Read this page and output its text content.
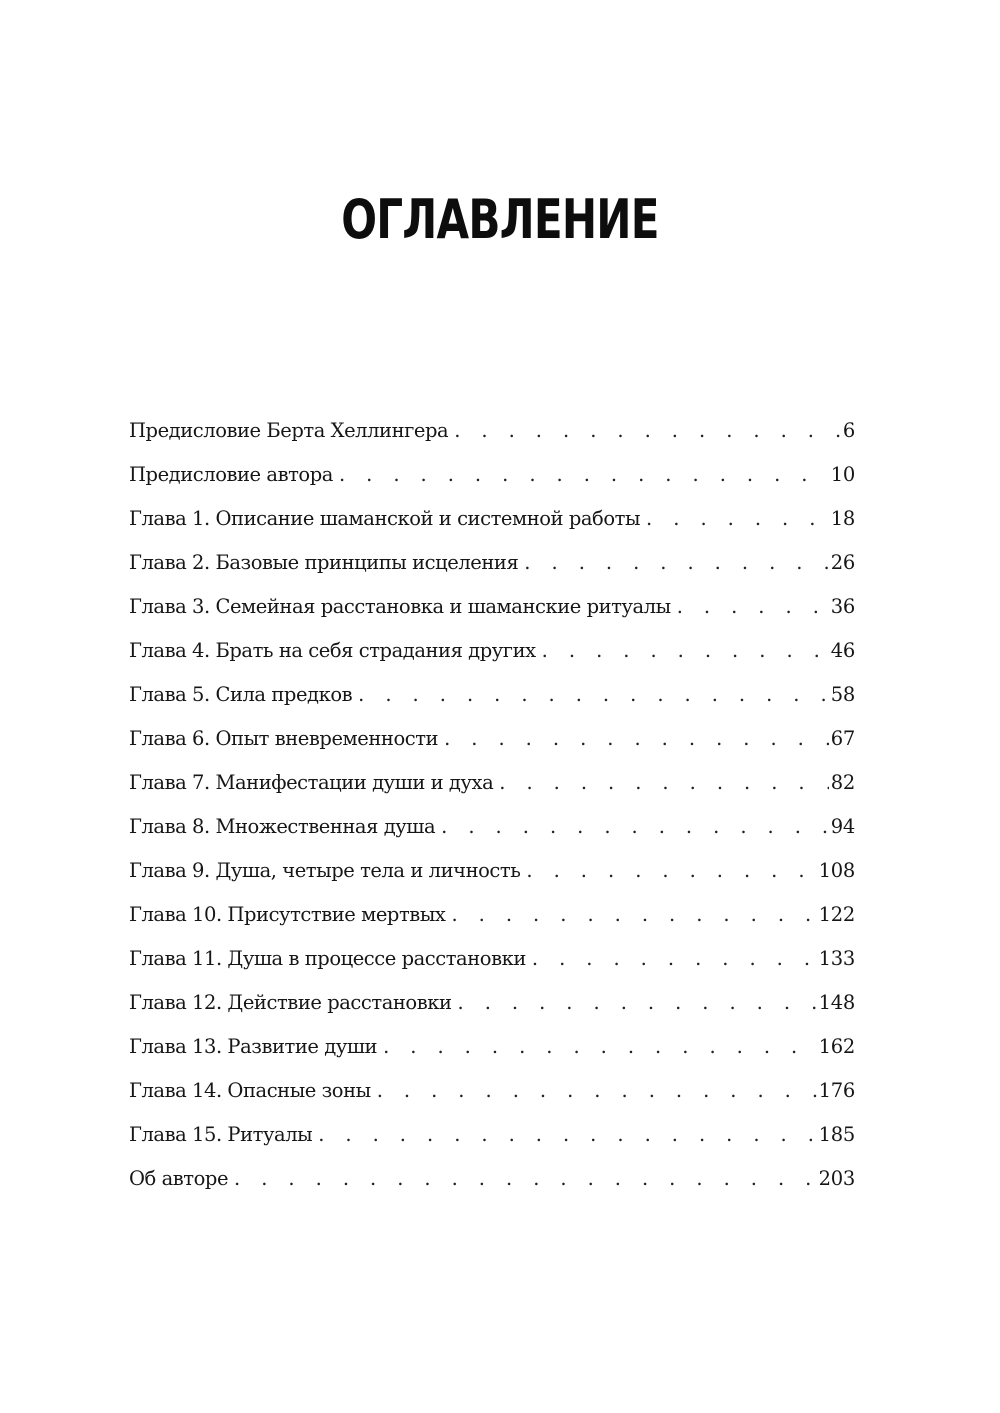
ОГЛАВЛЕНИЕ
Предисловие Берта Хеллингера . . .	6
Предисловие автора . . .	10
Глава 1. Описание шаманской и системной работы . . .	18
Глава 2. Базовые принципы исцеления . . .	26
Глава 3. Семейная расстановка и шаманские ритуалы . . .	36
Глава 4. Брать на себя страдания других . . .	46
Глава 5. Сила предков . . .	58
Глава 6. Опыт вневременности . . .	67
Глава 7. Манифестации души и духа . . .	82
Глава 8. Множественная душа . . .	94
Глава 9. Душа, четыре тела и личность . . .	108
Глава 10. Присутствие мертвых . . .	122
Глава 11. Душа в процессе расстановки . . .	133
Глава 12. Действие расстановки . . .	148
Глава 13. Развитие души . . .	162
Глава 14. Опасные зоны . . .	176
Глава 15. Ритуалы . . .	185
Об авторе . . .	203
